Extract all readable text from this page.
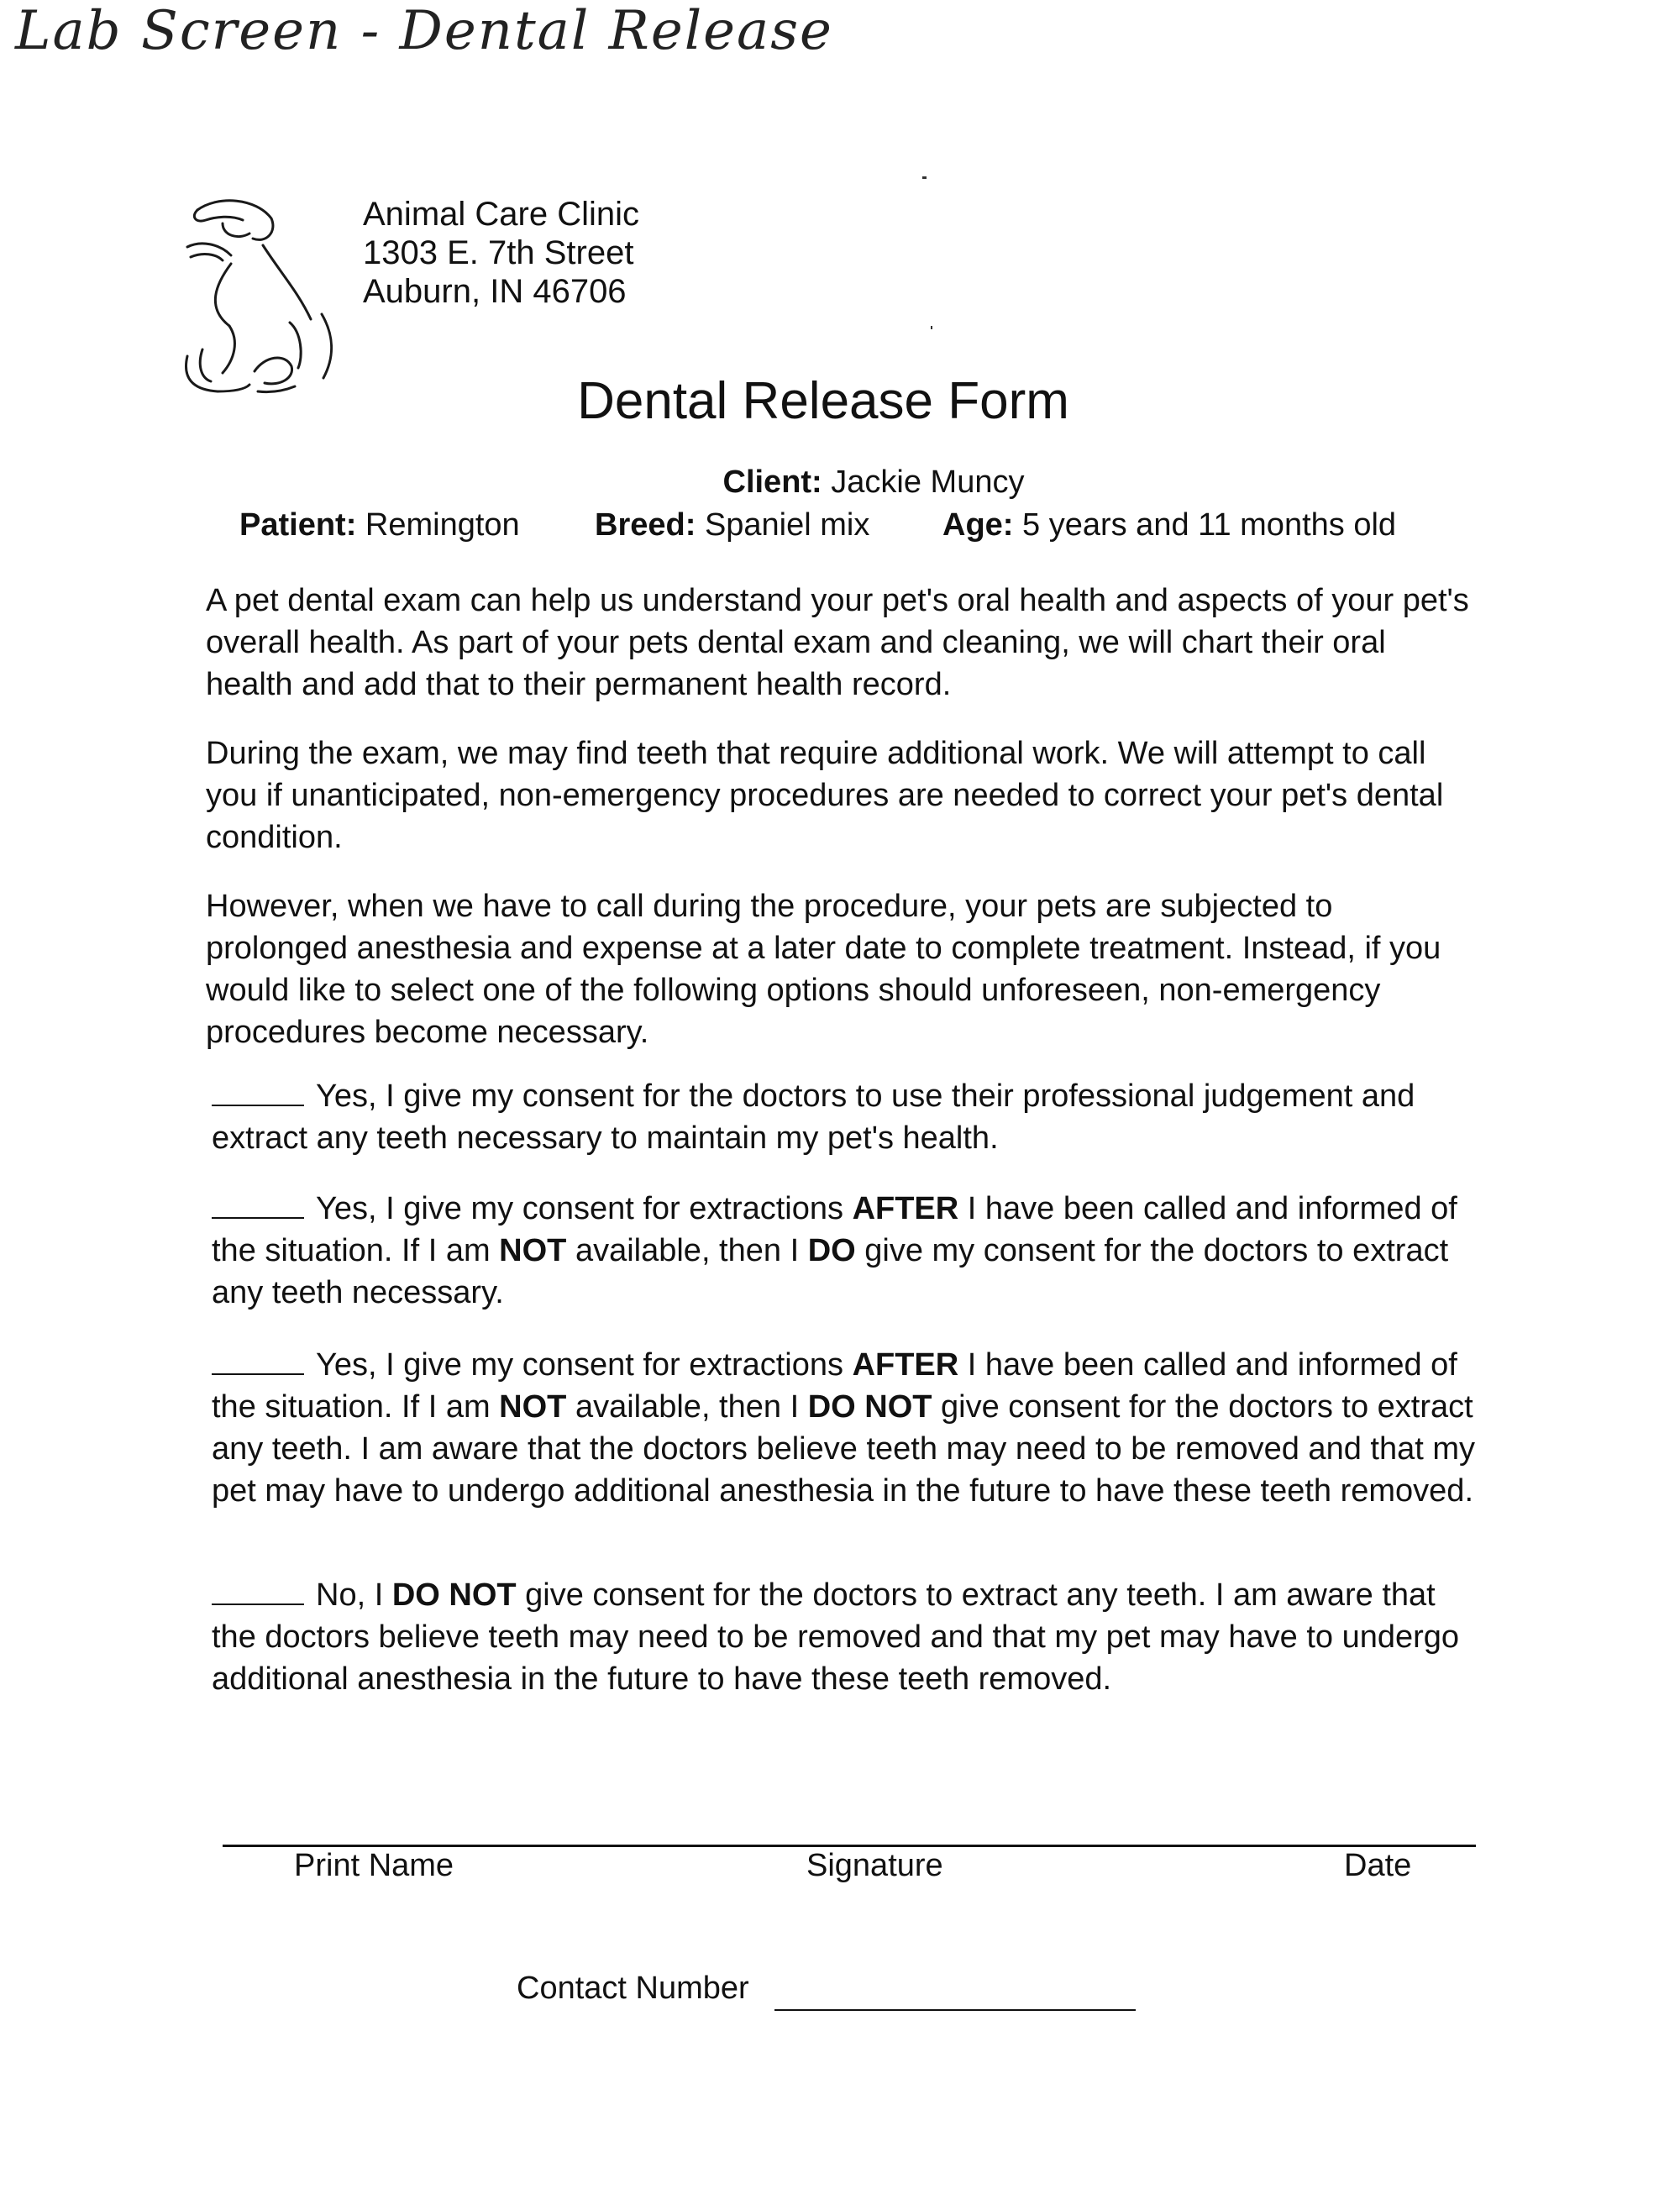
Lab Screen - Dental Release
Animal Care Clinic
1303 E. 7th Street
Auburn, IN 46706
Dental Release Form
Client: Jackie Muncy
Patient: Remington Breed: Spaniel mix Age: 5 years and 11 months old
A pet dental exam can help us understand your pet's oral health and aspects of your pet's overall health. As part of your pets dental exam and cleaning, we will chart their oral health and add that to their permanent health record.
During the exam, we may find teeth that require additional work. We will attempt to call you if unanticipated, non-emergency procedures are needed to correct your pet's dental condition.
However, when we have to call during the procedure, your pets are subjected to prolonged anesthesia and expense at a later date to complete treatment. Instead, if you would like to select one of the following options should unforeseen, non-emergency procedures become necessary.
Yes, I give my consent for the doctors to use their professional judgement and extract any teeth necessary to maintain my pet's health.
Yes, I give my consent for extractions AFTER I have been called and informed of the situation. If I am NOT available, then I DO give my consent for the doctors to extract any teeth necessary.
Yes, I give my consent for extractions AFTER I have been called and informed of the situation. If I am NOT available, then I DO NOT give consent for the doctors to extract any teeth. I am aware that the doctors believe teeth may need to be removed and that my pet may have to undergo additional anesthesia in the future to have these teeth removed.
No, I DO NOT give consent for the doctors to extract any teeth. I am aware that the doctors believe teeth may need to be removed and that my pet may have to undergo additional anesthesia in the future to have these teeth removed.
Print Name	Signature	Date
Contact Number
